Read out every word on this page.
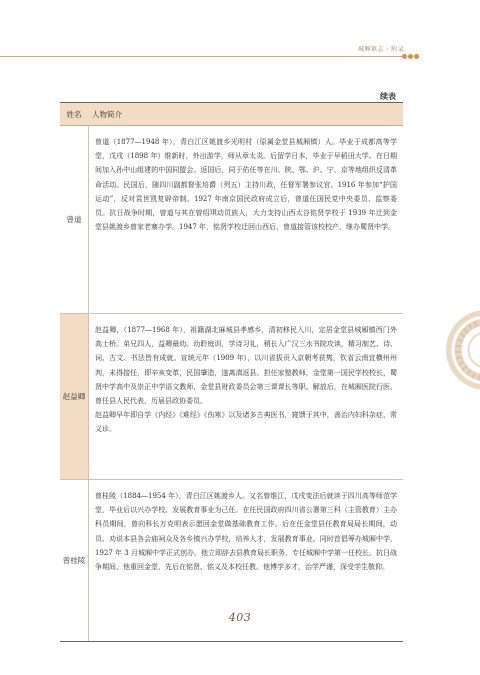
城厢镇志 · 附录
续表
姓名	人物简介
曾道

曾道（1877—1948 年），青白江区姚渡乡光明村（原属金堂县城厢镇）人。毕业于成都高等学堂，戊戌（1898 年）维新时，外出游学，师从章太炎。后留学日本，毕业于早稻田大学。在日期间加入孙中山组建的中国同盟会。返国后，同于佑任等在川、陕、鄂、沪、宁、京等地组织反清革命活动。民国后，随四川副都督张培爵（列五）主持川政，任督军署参议官。1916 年参加“护国运动”，反对袁世凯复辟帝制。1927 年南京国民政府成立后，曾道任国民党中央委员、监察委员。抗日战争时期，曾道与其在曾绍琪动员族人，大力支持山西太谷铭贤学校于 1939 年迁到金堂县姚渡乡曾家老寨办学。1947 年，铭贤学校迁回山西后，曾道接管该校校产，继办蜀贤中学。

赵益卿

赵益卿，（1877—1968 年），祖籍湖北麻城县孝感乡，清初移民入川，定居金堂县城厢镇西门外高士桥。弟兄四人，益卿最幼。幼聆庭训，学诗习礼，稍长入广汉三水书院攻读，精习制艺、诗、词、古文、书法皆有成就。宣统元年（1909 年），以川省拔贡入京朝考获隽，钦省云南宜横州州判，未得接任，即辛亥变革，民国肇造，遂离滇返县。担任家塾教师，金堂第一国民学校校长，蜀贤中学高中及崇正中学语文教师，金堂县财政委员会第三课课长等职。解放后，在城厢医院行医，曾任县人民代表，历届县政协委员。

赵益卿早年即自学《内经》《难经》《伤寒》以及诸多古典医书，寝馈于其中，善治内妇科杂症，常义诊。

曾桂陵

曾桂陵（1884—1954 年），青白江区姚渡乡人。又名曾维江，戊戌变法后就读于四川高等师范学堂，毕业后以兴办学校、发展教育事业为己任。在任民国政府四川省公署第三科（主管教育）主办科员期间，曾向科长万克明表示愿回金堂做基础教育工作。后在任金堂县任教育局局长期间，动员、劝说本县各会庙祠众及各乡镇兴办学校，培养人才，发展教育事业。同时首倡筹办城厢中学，1927 年 3 月城厢中学正式创办，他立即辞去县教育局长职务，专任城厢中学第一任校长。抗日战争期间，他重回金堂，先后在铭贤、铭义及本校任教。他博学多才，治学严谨，深受学生敬仰。

403
